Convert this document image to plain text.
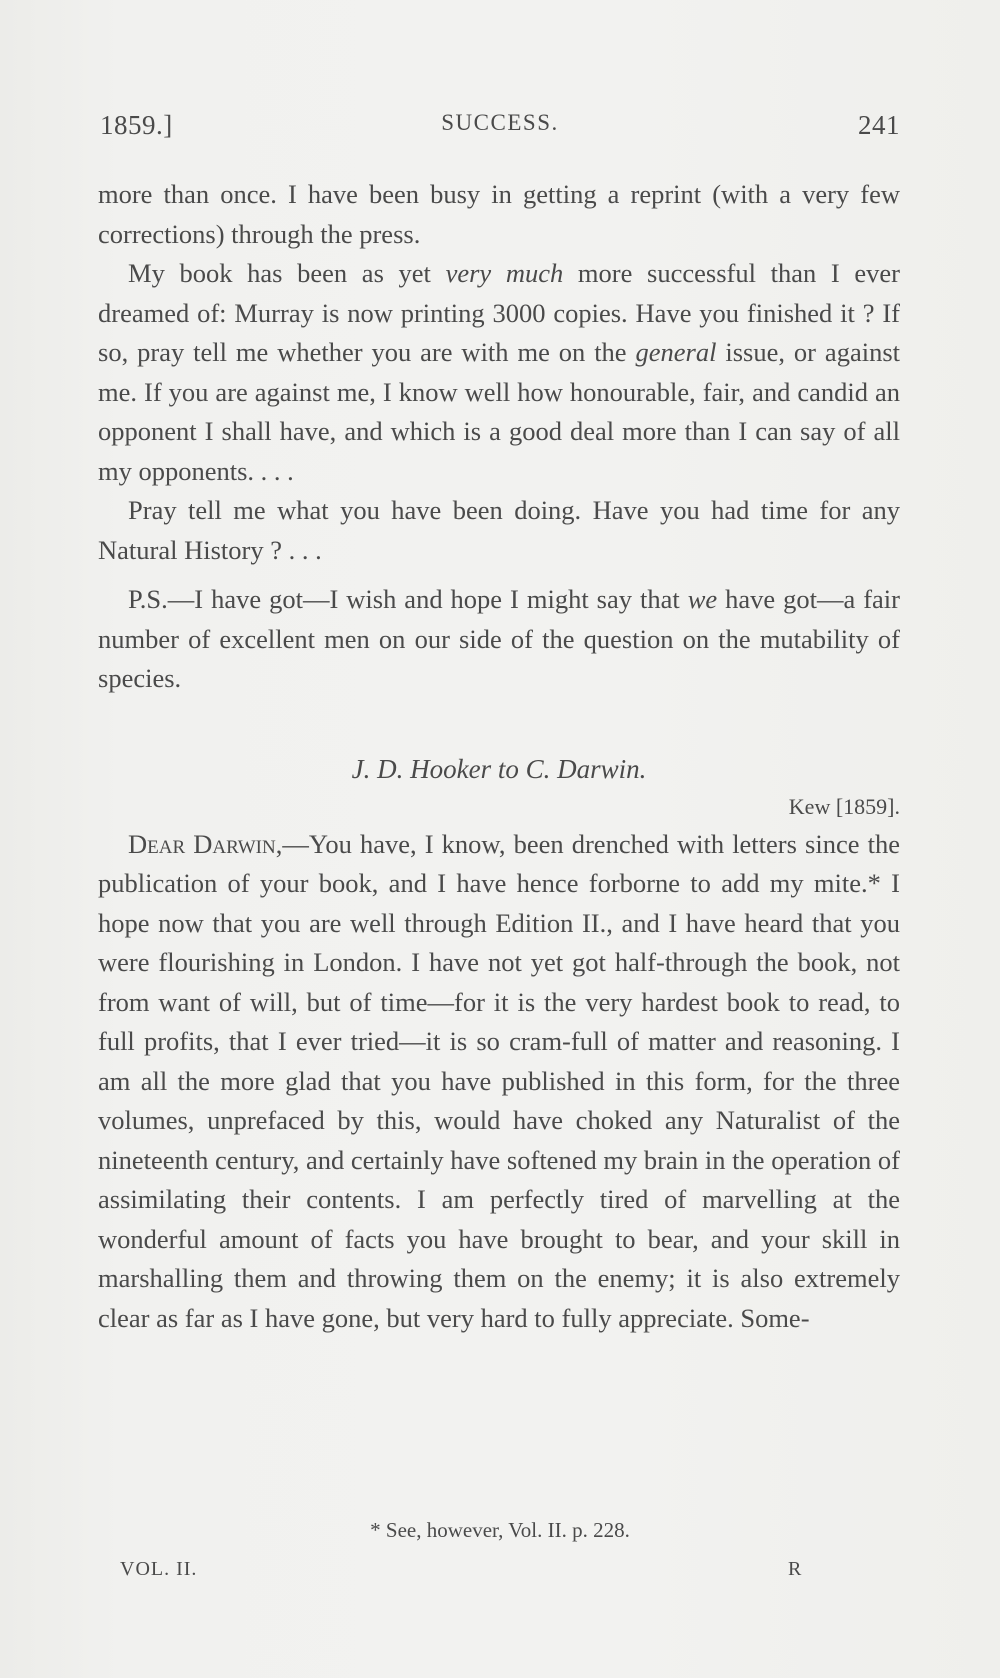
1859.]	SUCCESS.	241

more than once. I have been busy in getting a reprint (with a very few corrections) through the press.

My book has been as yet very much more successful than I ever dreamed of: Murray is now printing 3000 copies. Have you finished it ? If so, pray tell me whether you are with me on the general issue, or against me. If you are against me, I know well how honourable, fair, and candid an opponent I shall have, and which is a good deal more than I can say of all my opponents. . . .

Pray tell me what you have been doing. Have you had time for any Natural History ? . . .

P.S.—I have got—I wish and hope I might say that we have got—a fair number of excellent men on our side of the question on the mutability of species.

J. D. Hooker to C. Darwin.
Kew [1859].

Dear Darwin,—You have, I know, been drenched with letters since the publication of your book, and I have hence forborne to add my mite.* I hope now that you are well through Edition II., and I have heard that you were flourishing in London. I have not yet got half-through the book, not from want of will, but of time—for it is the very hardest book to read, to full profits, that I ever tried—it is so cram-full of matter and reasoning. I am all the more glad that you have published in this form, for the three volumes, unprefaced by this, would have choked any Naturalist of the nineteenth century, and certainly have softened my brain in the operation of assimilating their contents. I am perfectly tired of marvelling at the wonderful amount of facts you have brought to bear, and your skill in marshalling them and throwing them on the enemy; it is also extremely clear as far as I have gone, but very hard to fully appreciate. Some-

* See, however, Vol. II. p. 228.
VOL. II.	R
